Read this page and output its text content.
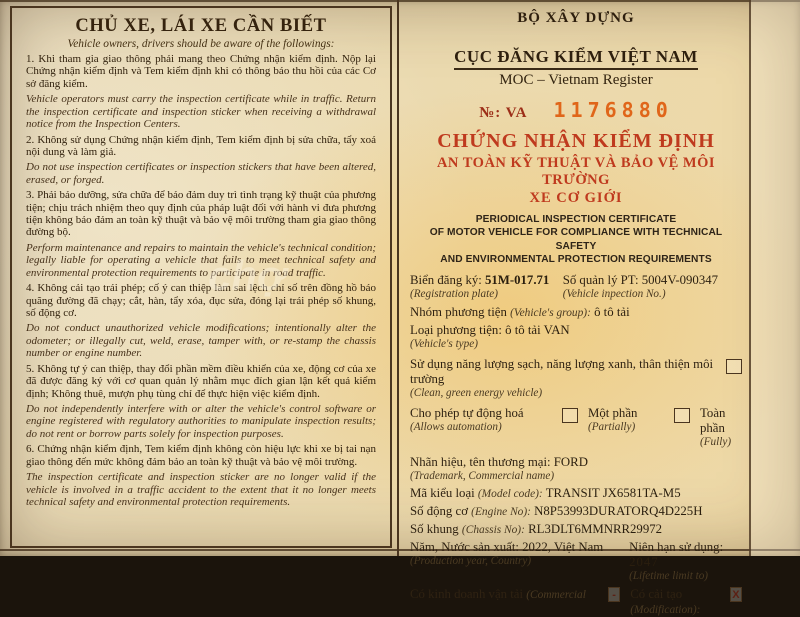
CHỦ XE, LÁI XE CẦN BIẾT
Vehicle owners, drivers should be aware of the followings:

1. Khi tham gia giao thông phải mang theo Chứng nhận kiểm định. Nộp lại Chứng nhận kiểm định và Tem kiểm định khi có thông báo thu hồi của các Cơ sở đăng kiểm.

Vehicle operators must carry the inspection certificate while in traffic. Return the inspection certificate and inspection sticker when receiving a withdrawal notice from the Inspection Centers.

2. Không sử dụng Chứng nhận kiểm định, Tem kiểm định bị sửa chữa, tẩy xoá nội dung và làm giả.

Do not use inspection certificates or inspection stickers that have been altered, erased, or forged.

3. Phải bảo dưỡng, sửa chữa để bảo đảm duy trì tình trạng kỹ thuật của phương tiện; chịu trách nhiệm theo quy định của pháp luật đối với hành vi đưa phương tiện không bảo đảm an toàn kỹ thuật và bảo vệ môi trường tham gia giao thông đường bộ.

Perform maintenance and repairs to maintain the vehicle's technical condition; legally liable for operating a vehicle that fails to meet technical safety and environmental protection requirements to participate in road traffic.

4. Không cải tạo trái phép; cố ý can thiệp làm sai lệch chỉ số trên đồng hồ báo quãng đường đã chạy; cắt, hàn, tẩy xóa, đục sửa, đóng lại trái phép số khung, số động cơ.

Do not conduct unauthorized vehicle modifications; intentionally alter the odometer; or illegally cut, weld, erase, tamper with, or re-stamp the chassis number or engine number.

5. Không tự ý can thiệp, thay đổi phần mềm điều khiển của xe, động cơ của xe đã được đăng ký với cơ quan quản lý nhằm mục đích gian lận kết quả kiểm định; Không thuê, mượn phụ tùng chỉ để thực hiện việc kiểm định.

Do not independently interfere with or alter the vehicle's control software or engine registered with regulatory authorities to manipulate inspection results; do not rent or borrow parts solely for inspection purposes.

6. Chứng nhận kiểm định, Tem kiểm định không còn hiệu lực khi xe bị tai nạn giao thông đến mức không đảm bảo an toàn kỹ thuật và bảo vệ môi trường.

The inspection certificate and inspection sticker are no longer valid if the vehicle is involved in a traffic accident to the extent that it no longer meets technical safety and environmental protection requirements.

BỘ XÂY DỰNG

CỤC ĐĂNG KIỂM VIỆT NAM
MOC – Vietnam Register
№: VA 1176880
CHỨNG NHẬN KIỂM ĐỊNH
AN TOÀN KỸ THUẬT VÀ BẢO VỆ MÔI TRƯỜNG
XE CƠ GIỚI
PERIODICAL INSPECTION CERTIFICATE
OF MOTOR VEHICLE FOR COMPLIANCE WITH TECHNICAL SAFETY
AND ENVIRONMENTAL PROTECTION REQUIREMENTS
Biển đăng ký: 51M-017.71
(Registration plate)
Số quản lý PT: 5004V-090347
(Vehicle inpection No.)
Nhóm phương tiện (Vehicle's group): ô tô tải
Loại phương tiện: ô tô tải VAN
(Vehicle's type)
Sử dụng năng lượng sạch, năng lượng xanh, thân thiện môi trường
(Clean, green energy vehicle)
Cho phép tự động hoá
(Allows automation)
Một phần
(Partially)
Toàn phần
(Fully)
Nhãn hiệu, tên thương mại: FORD
(Trademark, Commercial name)
Mã kiểu loại (Model code): TRANSIT JX6581TA-M5
Số động cơ (Engine No): N8P53993DURATORQ4D225H
Số khung (Chassis No): RL3DLT6MMNRR29972
Năm, Nước sản xuất: 2022, Việt Nam
(Production year, Country)
Niên hạn sử dụng: 2047
(Lifetime limit to)
Có kinh doanh vận tải (Commercial	-	Có cải tạo (Modification):
X
chợ
